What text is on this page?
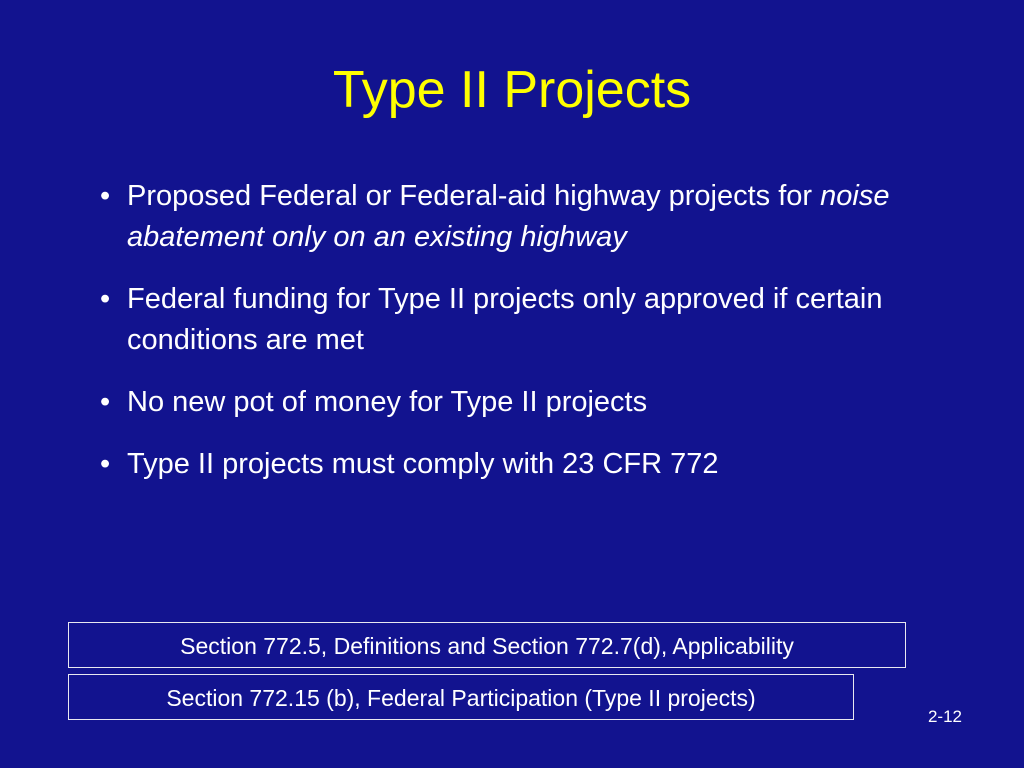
Type II Projects
• Proposed Federal or Federal-aid highway projects for noise abatement only on an existing highway
• Federal funding for Type II projects only approved if certain conditions are met
• No new pot of money for Type II projects
• Type II projects must comply with 23 CFR 772
Section 772.5, Definitions and Section 772.7(d), Applicability
Section 772.15 (b), Federal Participation (Type II projects)
2-12
